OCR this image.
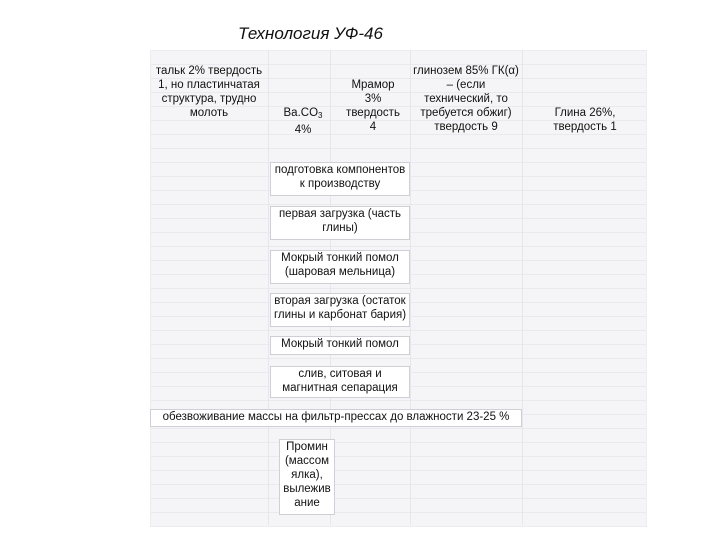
Технология УФ-46
тальк 2% твердость 1, но пластинчатая структура, трудно молоть	$Ba.CO_3$
4%
Мрамор 3% твердость 4
глинозем 85% ГК(α) – (если технический, то требуется обжиг) твердость 9
Глина 26%, твердость 1
подготовка компонентов к производству
первая загрузка (часть глины)
Мокрый тонкий помол (шаровая мельница)
вторая загрузка (остаток глины и карбонат бария)
Мокрый тонкий помол
слив, ситовая и магнитная сепарация
обезвоживание массы на фильтр-прессах до влажности 23-25 %
Промин (массом ялка), вылежив ание
